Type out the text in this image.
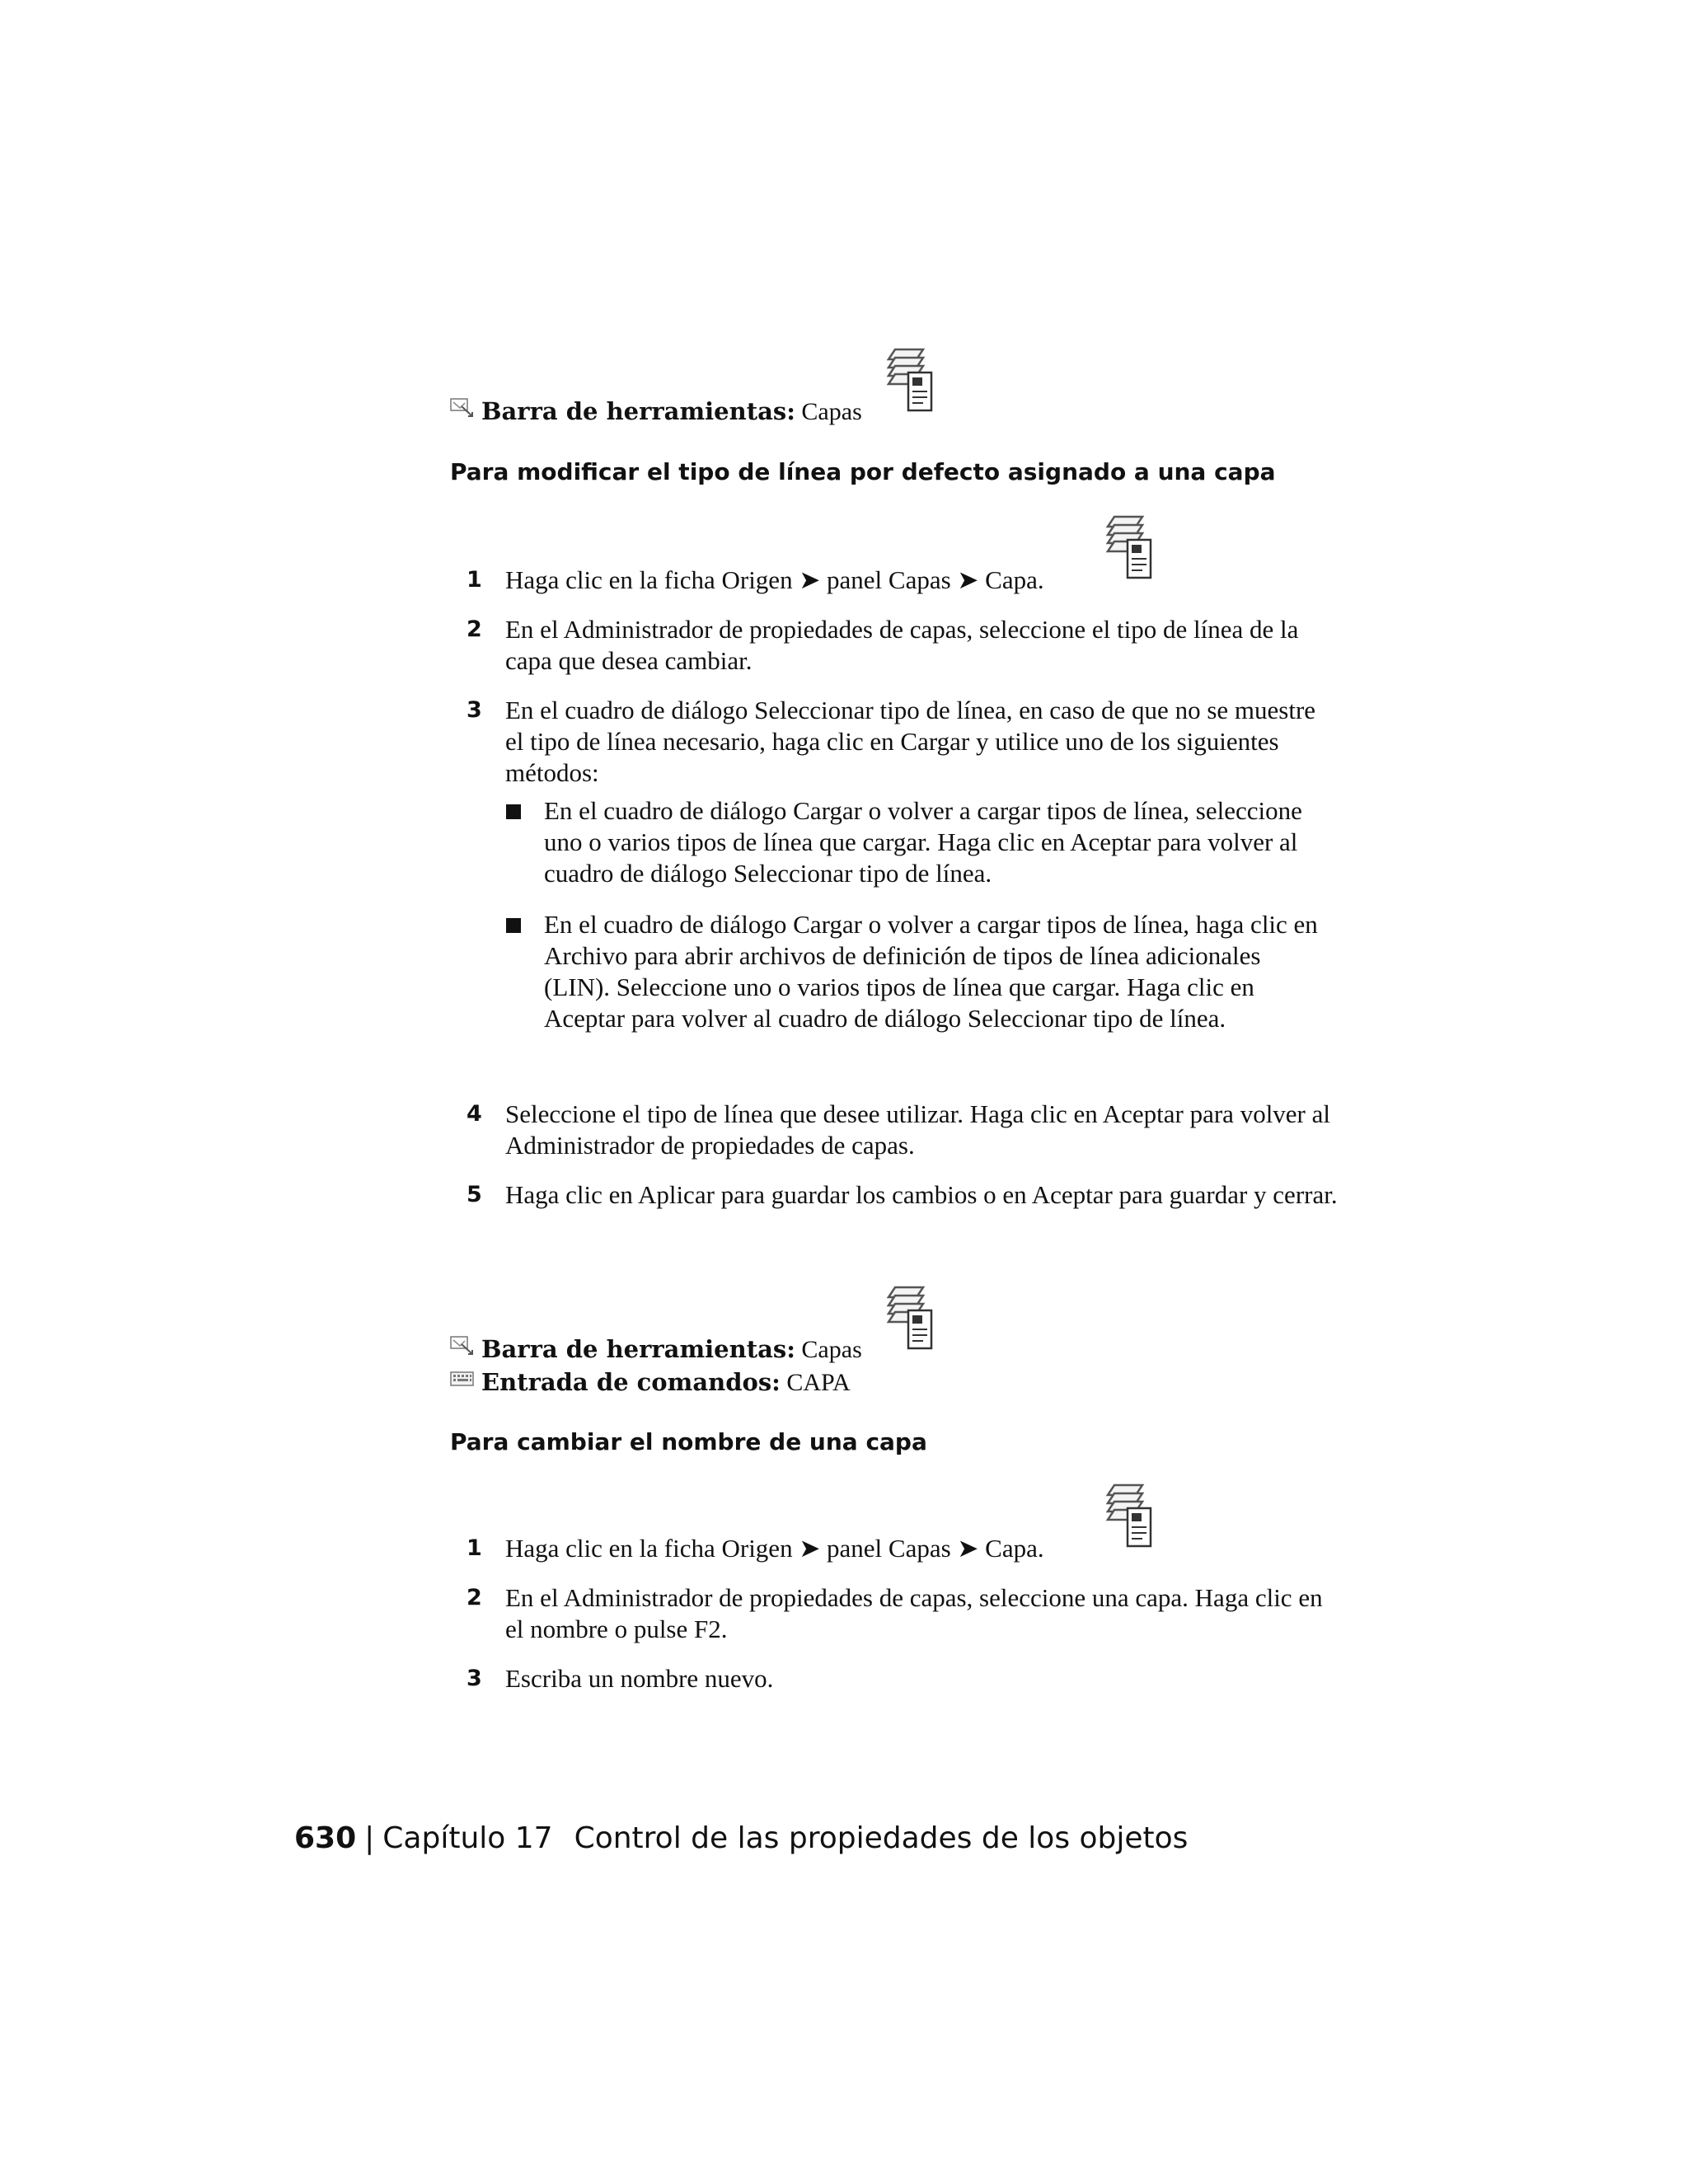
Barra de herramientas: Capas
Para modificar el tipo de línea por defecto asignado a una capa
1 Haga clic en la ficha Origen ➤ panel Capas ➤ Capa.
2 En el Administrador de propiedades de capas, seleccione el tipo de línea de la capa que desea cambiar.
3 En el cuadro de diálogo Seleccionar tipo de línea, en caso de que no se muestre el tipo de línea necesario, haga clic en Cargar y utilice uno de los siguientes métodos:
En el cuadro de diálogo Cargar o volver a cargar tipos de línea, seleccione uno o varios tipos de línea que cargar. Haga clic en Aceptar para volver al cuadro de diálogo Seleccionar tipo de línea.
En el cuadro de diálogo Cargar o volver a cargar tipos de línea, haga clic en Archivo para abrir archivos de definición de tipos de línea adicionales (LIN). Seleccione uno o varios tipos de línea que cargar. Haga clic en Aceptar para volver al cuadro de diálogo Seleccionar tipo de línea.
4 Seleccione el tipo de línea que desee utilizar. Haga clic en Aceptar para volver al Administrador de propiedades de capas.
5 Haga clic en Aplicar para guardar los cambios o en Aceptar para guardar y cerrar.
Barra de herramientas: Capas
Entrada de comandos: CAPA
Para cambiar el nombre de una capa
1 Haga clic en la ficha Origen ➤ panel Capas ➤ Capa.
2 En el Administrador de propiedades de capas, seleccione una capa. Haga clic en el nombre o pulse F2.
3 Escriba un nombre nuevo.
630 | Capítulo 17 Control de las propiedades de los objetos
